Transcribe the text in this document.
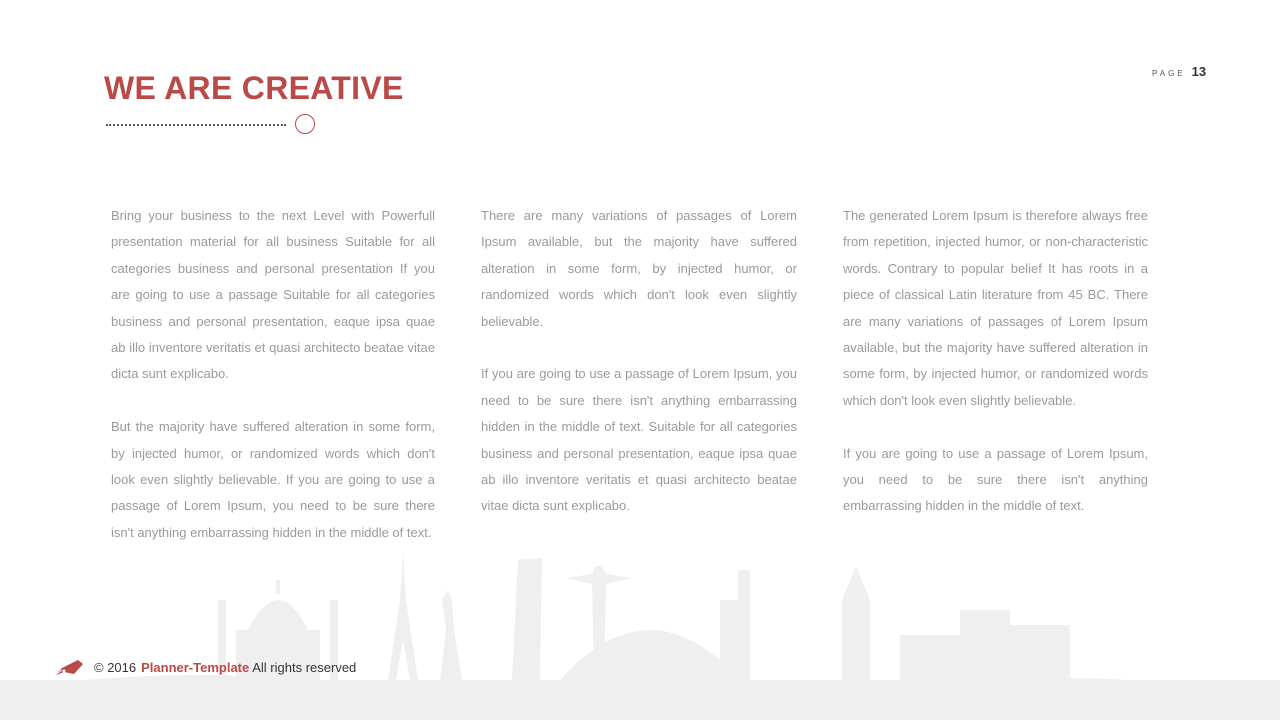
WE ARE CREATIVE	PAGE 13

Bring your business to the next Level with Powerfull presentation material for all business Suitable for all categories business and personal presentation If you are going to use a passage Suitable for all categories business and personal presentation, eaque ipsa quae ab illo inventore veritatis et quasi architecto beatae vitae dicta sunt explicabo.

But the majority have suffered alteration in some form, by injected humor, or randomized words which don't look even slightly believable. If you are going to use a passage of Lorem Ipsum, you need to be sure there isn't anything embarrassing hidden in the middle of text.

There are many variations of passages of Lorem Ipsum available, but the majority have suffered alteration in some form, by injected humor, or randomized words which don't look even slightly believable.

If you are going to use a passage of Lorem Ipsum, you need to be sure there isn't anything embarrassing hidden in the middle of text. Suitable for all categories business and personal presentation, eaque ipsa quae ab illo inventore veritatis et quasi architecto beatae vitae dicta sunt explicabo.

The generated Lorem Ipsum is therefore always free from repetition, injected humor, or non-characteristic words. Contrary to popular belief It has roots in a piece of classical Latin literature from 45 BC. There are many variations of passages of Lorem Ipsum available, but the majority have suffered alteration in some form, by injected humor, or randomized words which don't look even slightly believable.

If you are going to use a passage of Lorem Ipsum, you need to be sure there isn't anything embarrassing hidden in the middle of text.

© 2016 Planner-Template All rights reserved
